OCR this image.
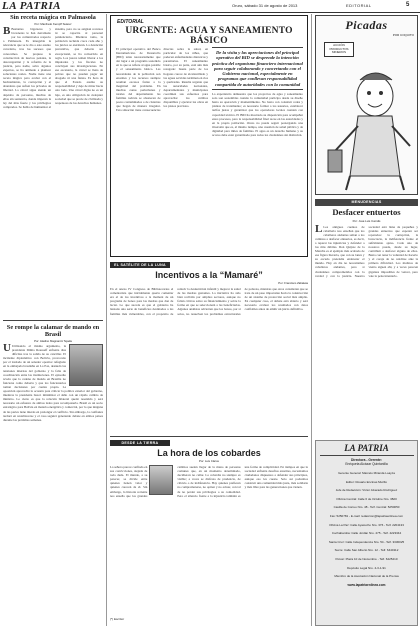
LA PATRIA	Oruro, sábado 31 de agosto de 2013	EDITORIAL	5
Sin receta mágica en Palmasola
Por: Manfredo Kempff Suárez
B Bastantes bigotazos y brownetas le han derramado por los comunicados respecto a Palmasola. Es innegable la relevancia que se le dio a este asunto carcelario, tras los sucesos que conocemos. Se propuso la construcción de nuevos penales, la descongestión y la reforma de la justicia, pero nadie, salvo algunos expertos, se ha animado a plantear soluciones reales. Nadie tiene una receta mágica para acabar con el hacinamiento, la corrupción y el abandono que sufren los privados de libertad. La cárcel sigue siendo un depósito de personas, muchas de ellas sin sentencia, donde imperan la ley del más fuerte y los privilegios comprados. Se habla de humanizar el sistema, pero no se asignan recursos ni se capacita al personal penitenciario. Mientras tanto, la población recluida crece cada año y los juicios se eternizan. La detención preventiva, que debería ser excepcional, se ha convertido en regla. Los jueces temen liberar a los imputados y los fiscales no concluyen sus investigaciones. En ese escenario, la cárcel se llena de pobres que no pueden pagar un abogado ni una fianza. Es hora de que el Estado asuma su responsabilidad y deje de mirar hacia otro lado. Una cárcel digna no es un lujo, es una obligación de cualquier sociedad que se precie de civilizada y respetuosa de los derechos humanos.
Se rompe la calamar de mando en Brasil
Por: Aladino Magnanini Tejada
U Utilizando el mismo argumento, la presidenta Dilma Rousseff enfrenta días difíciles tras la salida de su canciller. El incidente diplomático con Bolivia, provocado por el traslado de un senador opositor refugiado en la embajada brasileña en La Paz, desnudó las tensiones internas del gobierno y la falta de coordinación entre las instituciones. El episodio revela que la cadena de mando en Brasilia no funciona como debería y que los funcionarios toman decisiones por cuenta propia. La oposición aprovechó la ocasión para criticar la política exterior del gobierno, mientras la presidenta buscó minimizar el daño con un rápido cambio de ministro. Lo cierto es que la relación bilateral quedó resentida y será necesario un esfuerzo de ambos lados para recomponerla. Brasil es un socio estratégico para Bolivia en materia energética y comercial, por lo que ninguna de las partes tiene interés en prolongar el conflicto. Sin embargo, la confianza tardará en restablecerse y el caso seguirá generando debate en ambos países durante las próximas semanas.
EDITORIAL
URGENTE: AGUA Y SANEAMIENTO BÁSICO
El principal operativo del Banco Interamericano de Desarrollo (BID) tenía necesariamente que dar lugar a un programa sostenido en lo que se refiere al agua potable y el saneamiento básico. Las necesidades de la población son enormes y los recursos siempre resultan escasos frente a la magnitud del problema. En muchas zonas periurbanas y rurales del departamento las familias todavía se abastecen de pozos contaminados o de cisternas que llegan de manera irregular. Esta situación tiene consecuencias directas sobre la salud, en particular de los niños, que padecen enfermedades diarreicas y parasitarias. El saneamiento básico, por su parte, está aún más rezagado: buena parte de los hogares carece de alcantarillado y las aguas servidas terminan en ríos y quebradas. Resulta urgente que las autoridades nacionales, departamentales y municipales coordinen sus esfuerzos para aprovechar los créditos disponibles y ejecutar las obras en los plazos previstos.
De la visita y las apreciaciones del principal operativo del BID se desprende la intención práctica del organismo financiero internacional para seguir colaborando y concertando con el Gobierno nacional, especialmente en programas que conllevan responsabilidad compartida de autoridades con la comunidad
La experiencia demuestra que los proyectos de agua y saneamiento solo son sostenibles cuando la comunidad participa desde su diseño hasta su operación y mantenimiento. No basta con construir redes y plantas de tratamiento; es necesario formar a los usuarios, establecer tarifas justas y garantizar que los operadores locales cuenten con capacidad técnica. El BID ha mostrado su disposición para acompañar estos procesos, pero la responsabilidad final recae en las autoridades y en la propia población. Oruro no puede seguir postergando una inversión que es, al mismo tiempo, una cuestión de salud pública y de dignidad para miles de familias. El agua es un derecho humano y su acceso debe estar garantizado para todos los ciudadanos sin distinción.
EL SATÉLITE DE LA LUNA
Incentivos a la “Mamaré”
Por: Francisco Zabaleta
En el anexo IV Congreso de Bibliotecarios el comentarista que inicialmente quería comentar era el de los incentivos a la mamaré de un programa de bonos para las madres que dan de lactar. Lo que sucede es que el gobierno ha lanzado una serie de beneficios destinados a las familias más vulnerables, con el propósito de reducir la desnutrición infantil y mejorar la salud de las madres gestantes. La iniciativa ha sido bien recibida por amplios sectores, aunque no faltan críticas sobre su financiamiento y sobre la forma en que se seleccionará a las beneficiarias. Algunos analistas advierten que los bonos, por sí solos, no resuelven los problemas estructurales de pobreza, mientras que otros consideran que se trata de un paso importante hacia la construcción de un sistema de protección social más amplio. En cualquier caso, el debate está abierto y será necesario evaluar los resultados con datos confiables antes de emitir un juicio definitivo.
DESDE LA TIERRA
La hora de los cobardes
Por: Luis Claros
La señora parece confiada en sus convicciones, alejada de toda duda. El mundo, a su parecer, se divide entre quienes tienen valor y quienes carecen de él. Sin embargo, la historia reciente nos enseña que los grandes cambios suelen llegar de la mano de personas comunes que, en un momento determinado, decidieron no callar. La cobardía no siempre es visible; a veces se disfraza de prudencia, de cálculo o de indiferencia. Hay quienes prefieren no comprometerse, no opinar y no actuar, con tal de no perder sus privilegios o su comodidad. Pero el silencio frente a la injusticia también es una forma de complicidad. En tiempos en que la sociedad enfrenta desafíos enormes, necesitamos ciudadanos dispuestos a defender sus principios, aunque eso les cueste. Solo así podremos construir una comunidad más justa, más solidaria y más libre para las generaciones que vienen.
(*) Escritor
Picadas
POR COQUITO
ACCIÓN
PRODUCTOS
MINEROS
MENUDENCIAS
Desfacer entuertos
Por: José Luis Cunidis
L Los antiguos cuentos de caballería nos enseñan que los caballeros andantes salían a los caminos a desfacer entuertos, es decir, a reparar las injusticias y defender a los más débiles. Don Quijote de la Mancha es el ejemplo más acabado de esa figura literaria, que con su lanza y su escudo pretendía enderezar el mundo. Hoy en día no necesitamos caballeros andantes, pero sí ciudadanos comprometidos con la verdad y con la justicia. Nuestra sociedad está llena de pequeños y grandes entuertos que esperan ser reparados: la corrupción, la burocracia, la indiferencia frente al sufrimiento ajeno. Cada uno de nosotros puede, desde su lugar, contribuir a desfacer alguno de ellos. Basta con tener la voluntad de hacerlo y el coraje de no rendirse ante la primera dificultad. Los molinos de viento siguen ahí, y a veces parecen gigantes imposibles de vencer, pero vale la pena intentarlo.
LA PATRIA
Directora - Gerente:
Enriqueta Alcázar Quintanilla
Gerente General: Marcelo Miranda Loayza
Editor: Rosario Encinas Murillo
Jefe de Redacción: Víctor Alvarado Rodríguez
Oficina Central: Calle 6 de Octubre Nro. 3820
Casilla de Correo Nro. 48 - Telf. Central: 5250050
Fax: 5250781 - E-mail: redaccion@lapatriaenlinea.com
Oficina La Paz: Calle Ayacucho Nro. 376 - Telf. 2204133
Cochabamba: Calle Jordán Nro. 275 - Telf. 4223344
Santa Cruz: Calle Independencia Nro. 54 - Telf. 3330025
Sucre: Calle San Alberto Nro. 12 - Telf. 6440112
Potosí: Plaza 10 de Noviembre - Telf. 6225210
Depósito Legal Nro. 4-3-1-91
Miembro de la Asociación Nacional de la Prensa
www.lapatriaenlinea.com
